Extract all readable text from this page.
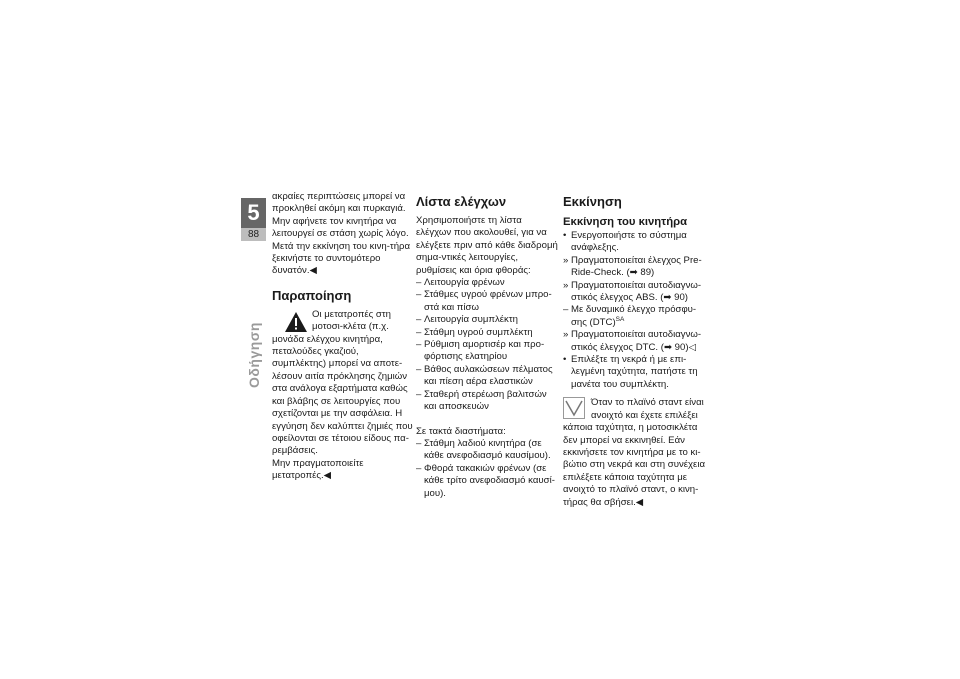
5
88
Οδήγηση

ακραίες περιπτώσεις μπορεί να προκληθεί ακόμη και πυρκαγιά. Μην αφήνετε τον κινητήρα να λειτουργεί σε στάση χωρίς λόγο. Μετά την εκκίνηση του κινη-τήρα ξεκινήστε το συντομότερο δυνατόν.◀

Παραποίηση

Οι μετατροπές στη μοτοσι-κλέτα (π.χ. μονάδα ελέγχου κινητήρα, πεταλούδες γκαζιού, συμπλέκτης) μπορεί να αποτε-λέσουν αιτία πρόκλησης ζημιών στα ανάλογα εξαρτήματα καθώς και βλάβης σε λειτουργίες που σχετίζονται με την ασφάλεια. Η εγγύηση δεν καλύπτει ζημιές που οφείλονται σε τέτοιου είδους πα-ρεμβάσεις.

Μην πραγματοποιείτε μετατροπές.◀

Λίστα ελέγχων

Χρησιμοποιήστε τη λίστα ελέγχων που ακολουθεί, για να ελέγξετε πριν από κάθε διαδρομή σημα-ντικές λειτουργίες, ρυθμίσεις και όρια φθοράς:

– Λειτουργία φρένων
– Στάθμες υγρού φρένων μπρο-στά και πίσω
– Λειτουργία συμπλέκτη
– Στάθμη υγρού συμπλέκτη
– Ρύθμιση αμορτισέρ και προ-φόρτισης ελατηρίου
– Βάθος αυλακώσεων πέλματος και πίεση αέρα ελαστικών
– Σταθερή στερέωση βαλιτσών και αποσκευών

Σε τακτά διαστήματα:

– Στάθμη λαδιού κινητήρα (σε κάθε ανεφοδιασμό καυσίμου).
– Φθορά τακακιών φρένων (σε κάθε τρίτο ανεφοδιασμό καυσί-μου).
Εκκίνηση
Εκκίνηση του κινητήρα
• Ενεργοποιήστε το σύστημα ανάφλεξης.
» Πραγματοποιείται έλεγχος Pre-Ride-Check. (➡ 89)
» Πραγματοποιείται αυτοδιαγνω-στικός έλεγχος ABS. (➡ 90)
– Με δυναμικό έλεγχο πρόσφυ-σης (DTC)$^{SA}$
» Πραγματοποιείται αυτοδιαγνω-στικός έλεγχος DTC. (➡ 90)◁
• Επιλέξτε τη νεκρά ή με επι-λεγμένη ταχύτητα, πατήστε τη μανέτα του συμπλέκτη.

Όταν το πλαϊνό σταντ είναι ανοιχτό και έχετε επιλέξει κάποια ταχύτητα, η μοτοσικλέτα δεν μπορεί να εκκινηθεί. Εάν εκκινήσετε τον κινητήρα με το κι-βώτιο στη νεκρά και στη συνέχεια επιλέξετε κάποια ταχύτητα με ανοιχτό το πλαϊνό σταντ, ο κινη-τήρας θα σβήσει.◀
